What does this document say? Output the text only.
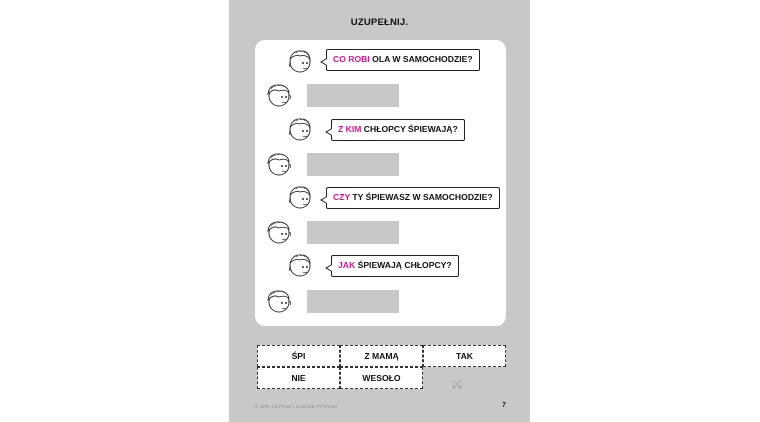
UZUPEŁNIJ.
CO ROBI OLA W SAMOCHODZIE?
Z KIM CHŁOPCY ŚPIEWAJĄ?
CZY TY ŚPIEWASZ W SAMOCHODZIE?
JAK ŚPIEWAJĄ CHŁOPCY?
ŚPI	Z MAMĄ	TAK
NIE	WESOŁO
© WIR CZYTAM I ZADAJĘ PYTANIA	7
